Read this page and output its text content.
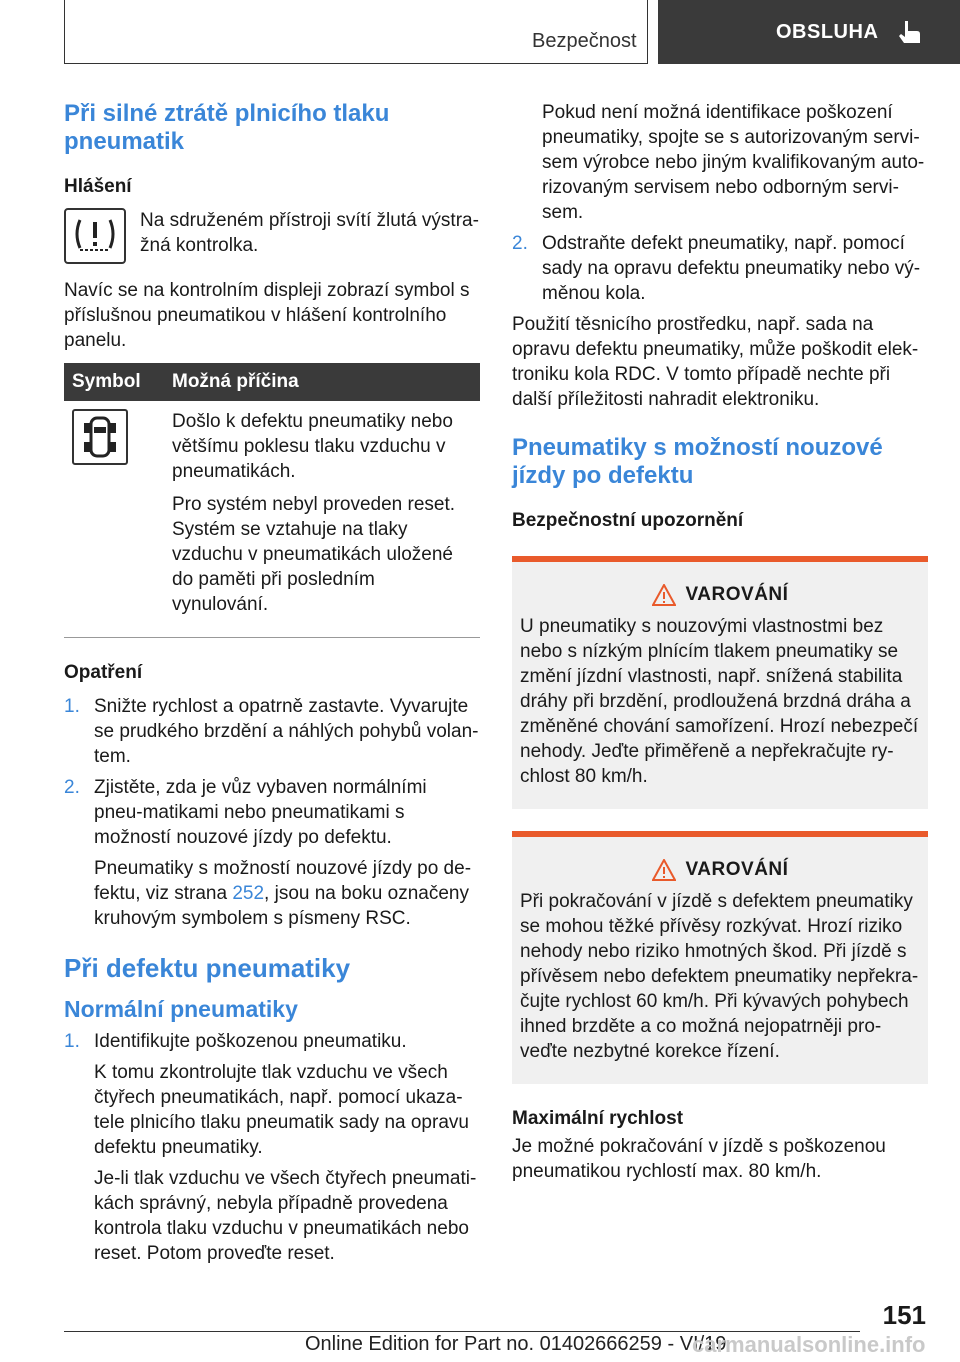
Bezpečnost	OBSLUHA
Při silné ztrátě plnicího tlaku pneumatik
Hlášení

Na sdruženém přístroji svítí žlutá výstra-žná kontrolka.

Navíc se na kontrolním displeji zobrazí symbol s příslušnou pneumatikou v hlášení kontrolního panelu.

Symbol	Možná příčina

Došlo k defektu pneumatiky nebo většímu poklesu tlaku vzduchu v pneumatikách.

Pro systém nebyl proveden reset. Systém se vztahuje na tlaky vzduchu v pneumatikách uložené do paměti při posledním vynulování.

Opatření
1. Snižte rychlost a opatrně zastavte. Vyvarujte se prudkého brzdění a náhlých pohybů volan-tem.

2. Zjistěte, zda je vůz vybaven normálními pneu-matikami nebo pneumatikami s možností nouzové jízdy po defektu.

Pneumatiky s možností nouzové jízdy po de-fektu, viz strana 252, jsou na boku označeny kruhovým symbolem s písmeny RSC.

Při defektu pneumatiky
Normální pneumatiky
1. Identifikujte poškozenou pneumatiku.

K tomu zkontrolujte tlak vzduchu ve všech čtyřech pneumatikách, např. pomocí ukaza-tele plnicího tlaku pneumatik sady na opravu defektu pneumatiky.

Je-li tlak vzduchu ve všech čtyřech pneumati-kách správný, nebyla případně provedena kontrola tlaku vzduchu v pneumatikách nebo reset. Potom proveďte reset.

Pokud není možná identifikace poškození pneumatiky, spojte se s autorizovaným servi-sem výrobce nebo jiným kvalifikovaným auto-rizovaným servisem nebo odborným servi-sem.

2. Odstraňte defekt pneumatiky, např. pomocí sady na opravu defektu pneumatiky nebo vý-měnou kola.

Použití těsnicího prostředku, např. sada na opravu defektu pneumatiky, může poškodit elek-troniku kola RDC. V tomto případě nechte při další příležitosti nahradit elektroniku.

Pneumatiky s možností nouzové jízdy po defektu
Bezpečnostní upozornění
VAROVÁNÍ

U pneumatiky s nouzovými vlastnostmi bez nebo s nízkým plnícím tlakem pneumatiky se změní jízdní vlastnosti, např. snížená stabilita dráhy při brzdění, prodloužená brzdná dráha a změněné chování samořízení. Hrozí nebezpečí nehody. Jeďte přiměřeně a nepřekračujte ry-chlost 80 km/h.

VAROVÁNÍ

Při pokračování v jízdě s defektem pneumatiky se mohou těžké přívěsy rozkývat. Hrozí riziko nehody nebo riziko hmotných škod. Při jízdě s přívěsem nebo defektem pneumatiky nepřekra-čujte rychlost 60 km/h. Při kývavých pohybech ihned brzděte a co možná nejopatrněji pro-veďte nezbytné korekce řízení.

Maximální rychlost

Je možné pokračování v jízdě s poškozenou pneumatikou rychlostí max. 80 km/h.

151
Online Edition for Part no. 01402666259 - VI/19
carmanualsonline.info
